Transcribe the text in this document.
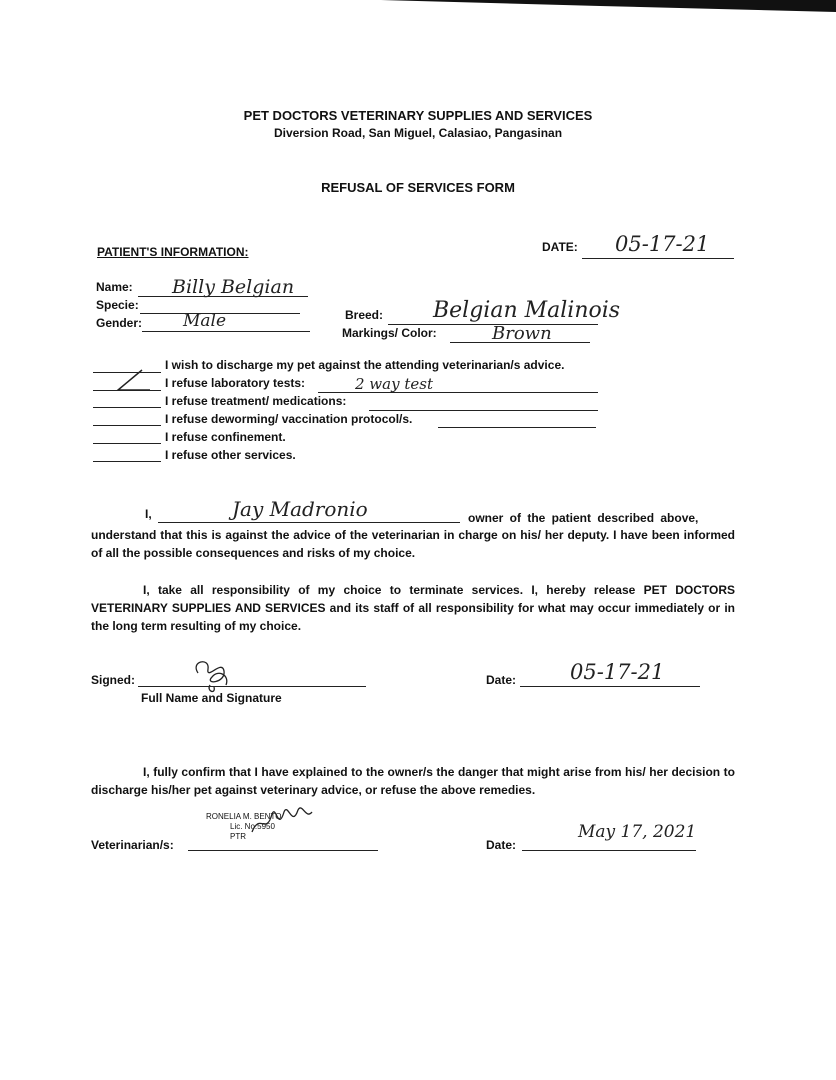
PET DOCTORS VETERINARY SUPPLIES AND SERVICES
Diversion Road, San Miguel, Calasiao, Pangasinan
REFUSAL OF SERVICES FORM
PATIENT'S INFORMATION:	DATE: 05-17-21
Name: Billy Belgian
Specie:
Gender: Male	Breed: Belgian Malinois
Markings/ Color:	Brown
I wish to discharge my pet against the attending veterinarian/s advice.
I refuse laboratory tests:	2 way test
I refuse treatment/ medications:
I refuse deworming/ vaccination protocol/s.
I refuse confinement.
I refuse other services.
I,	Jay Madronio	owner of the patient described above,
understand that this is against the advice of the veterinarian in charge on his/ her deputy. I have been informed of all the possible consequences and risks of my choice.
I, take all responsibility of my choice to terminate services. I, hereby release PET DOCTORS VETERINARY SUPPLIES AND SERVICES and its staff of all responsibility for what may occur immediately or in the long term resulting of my choice.
Signed:
Full Name and Signature
Date:	05-17-21
I, fully confirm that I have explained to the owner/s the danger that might arise from his/ her decision to discharge his/her pet against veterinary advice, or refuse the above remedies.
Veterinarian/s:
RONELIA M. BENTO
Lic. No.5950
PTR
Date:
May 17, 2021
